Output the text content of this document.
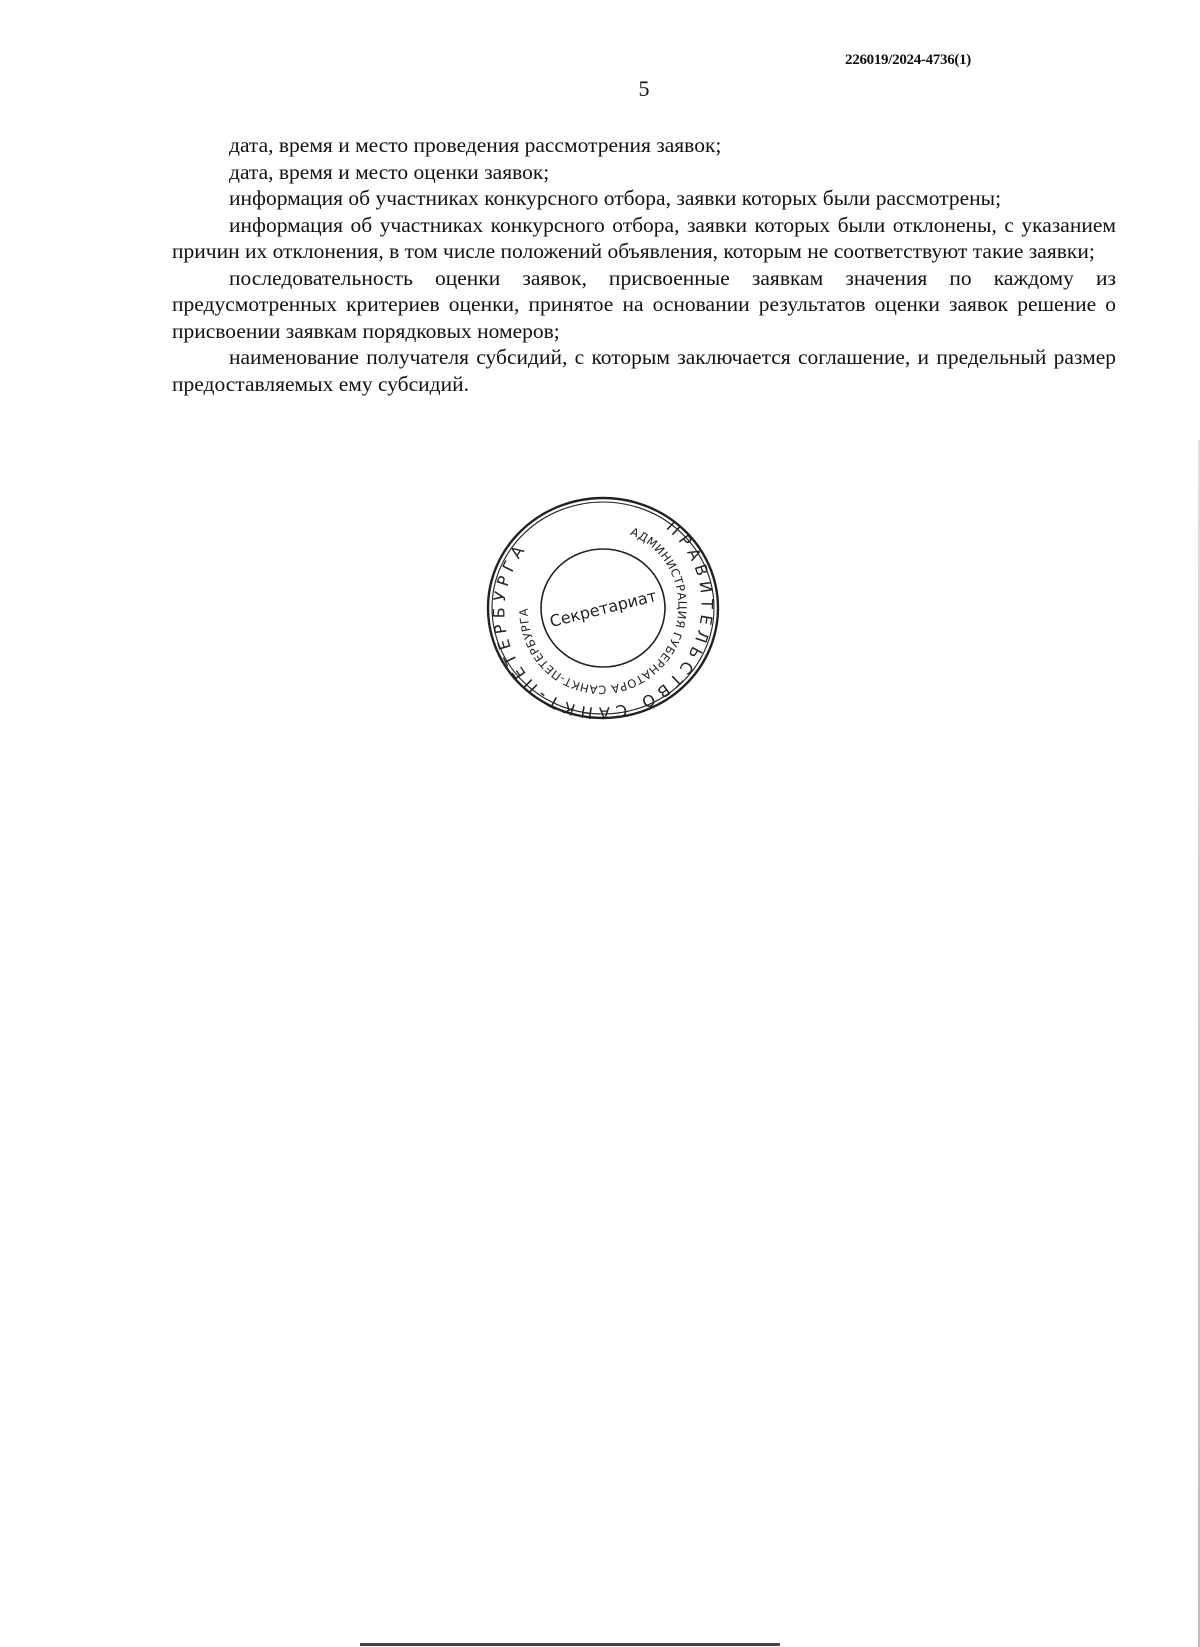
226019/2024-4736(1)
5

дата, время и место проведения рассмотрения заявок;

дата, время и место оценки заявок;

информация об участниках конкурсного отбора, заявки которых были рассмотрены;

информация об участниках конкурсного отбора, заявки которых были отклонены, с указанием причин их отклонения, в том числе положений объявления, которым не соответствуют такие заявки;

последовательность оценки заявок, присвоенные заявкам значения по каждому из предусмотренных критериев оценки, принятое на основании результатов оценки заявок решение о присвоении заявкам порядковых номеров;

наименование получателя субсидий, с которым заключается соглашение, и предельный размер предоставляемых ему субсидий.

ПРАВИТЕЛЬСТВО САНКТ-ПЕТЕРБУРГА
АДМИНИСТРАЦИЯ ГУБЕРНАТОРА САНКТ-ПЕТЕРБУРГА	Секретариат
